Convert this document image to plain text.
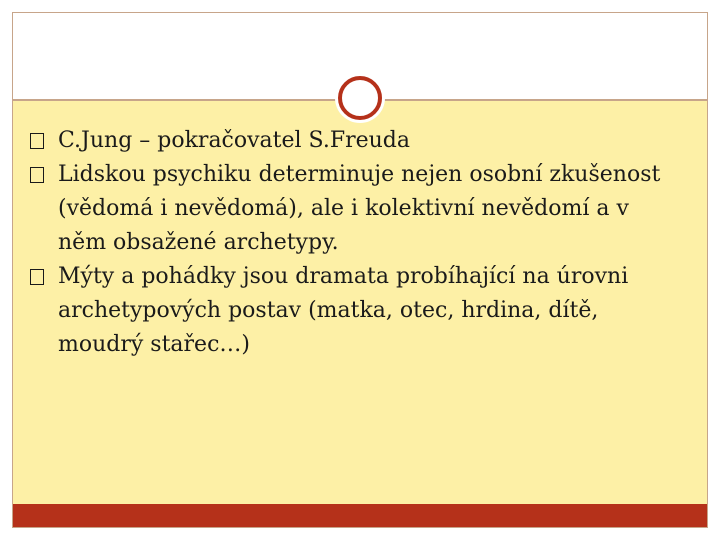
C.Jung – pokračovatel S.Freuda
Lidskou psychiku determinuje nejen osobní zkušenost (vědomá i nevědomá), ale i kolektivní nevědomí a v něm obsažené archetypy.
Mýty a pohádky jsou dramata probíhající na úrovni archetypových postav (matka, otec, hrdina, dítě, moudrý stařec…)
